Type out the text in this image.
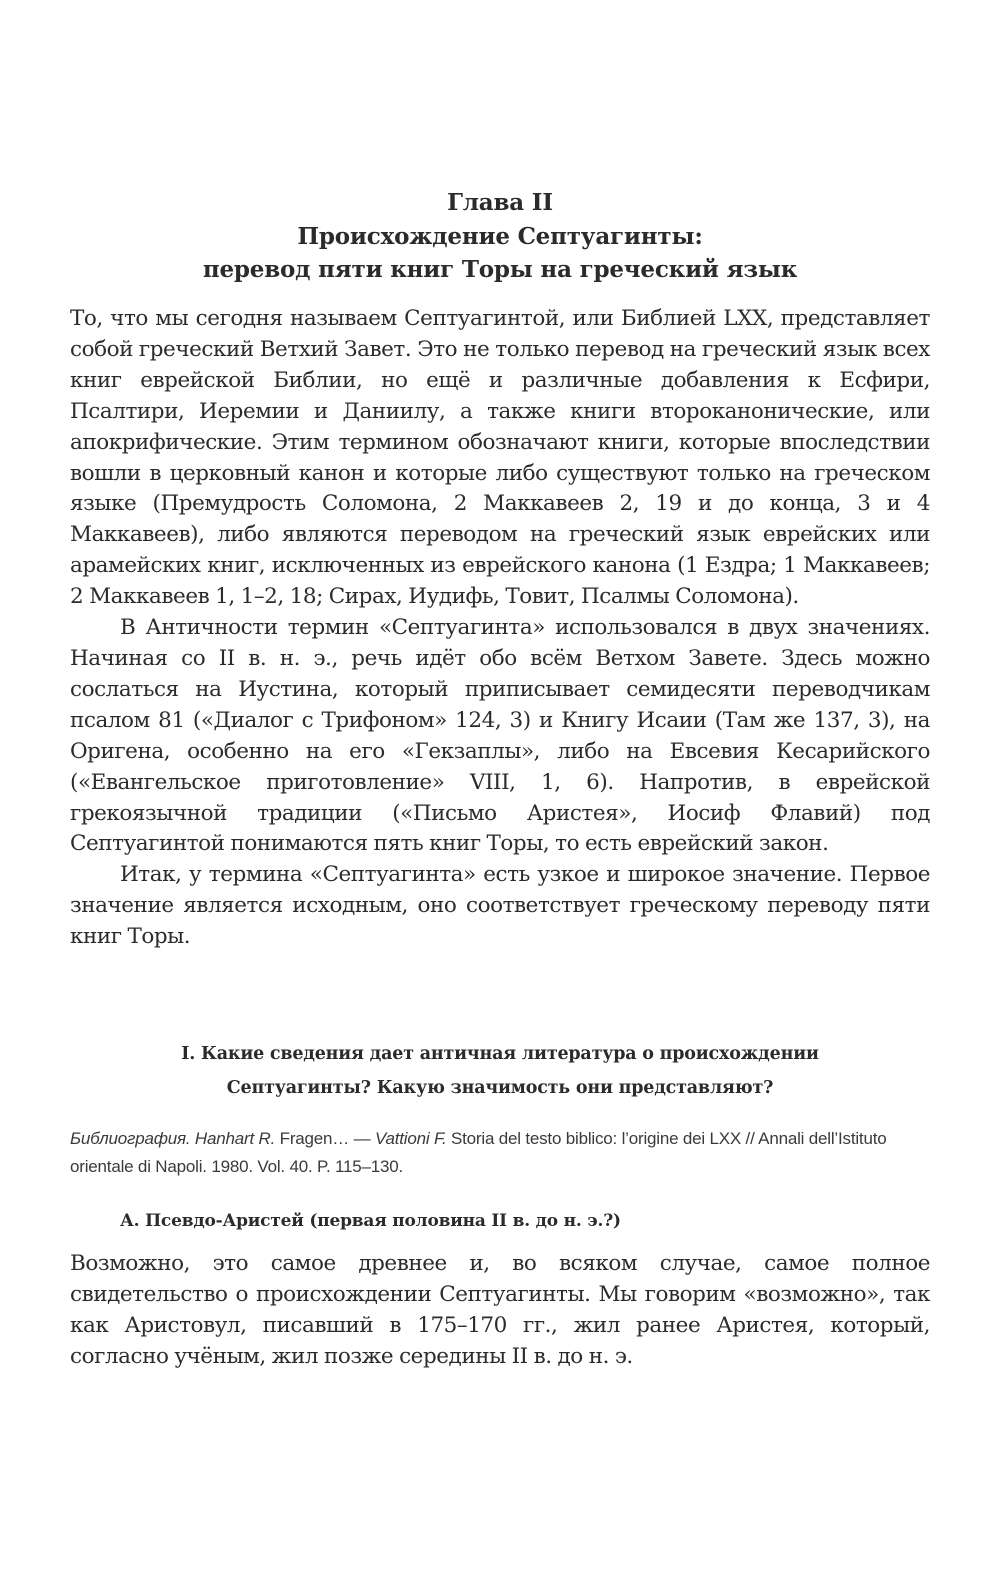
Глава II
Происхождение Септуагинты:
перевод пяти книг Торы на греческий язык

То, что мы сегодня называем Септуагинтой, или Библией LXX, представляет собой греческий Ветхий Завет. Это не только перевод на греческий язык всех книг еврейской Библии, но ещё и различные добавления к Есфири, Псалтири, Иеремии и Даниилу, а также книги второканонические, или апокрифические. Этим термином обозначают книги, которые впоследствии вошли в церковный канон и которые либо существуют только на греческом языке (Премудрость Соломона, 2 Маккавеев 2, 19 и до конца, 3 и 4 Маккавеев), либо являются переводом на греческий язык еврейских или арамейских книг, исключенных из еврейского канона (1 Ездра; 1 Маккавеев; 2 Маккавеев 1, 1–2, 18; Сирах, Иудифь, Товит, Псалмы Соломона).

В Античности термин «Септуагинта» использовался в двух значениях. Начиная со II в. н. э., речь идёт обо всём Ветхом Завете. Здесь можно сослаться на Иустина, который приписывает семидесяти переводчикам псалом 81 («Диалог с Трифоном» 124, 3) и Книгу Исаии (Там же 137, 3), на Оригена, особенно на его «Гекзаплы», либо на Евсевия Кесарийского («Евангельское приготовление» VIII, 1, 6). Напротив, в еврейской грекоязычной традиции («Письмо Аристея», Иосиф Флавий) под Септуагинтой понимаются пять книг Торы, то есть еврейский закон.

Итак, у термина «Септуагинта» есть узкое и широкое значение. Первое значение является исходным, оно соответствует греческому переводу пяти книг Торы.

I. Какие сведения дает античная литература о происхождении
Септуагинты? Какую значимость они представляют?
Библиография. Hanhart R. Fragen… — Vattioni F. Storia del testo biblico: l’origine dei LXX // Annali dell’Istituto orientale di Napoli. 1980. Vol. 40. P. 115–130.
А. Псевдо-Аристей (первая половина II в. до н. э.?)

Возможно, это самое древнее и, во всяком случае, самое полное свидетельство о происхождении Септуагинты. Мы говорим «возможно», так как Аристовул, писавший в 175–170 гг., жил ранее Аристея, который, согласно учёным, жил позже середины II в. до н. э.
